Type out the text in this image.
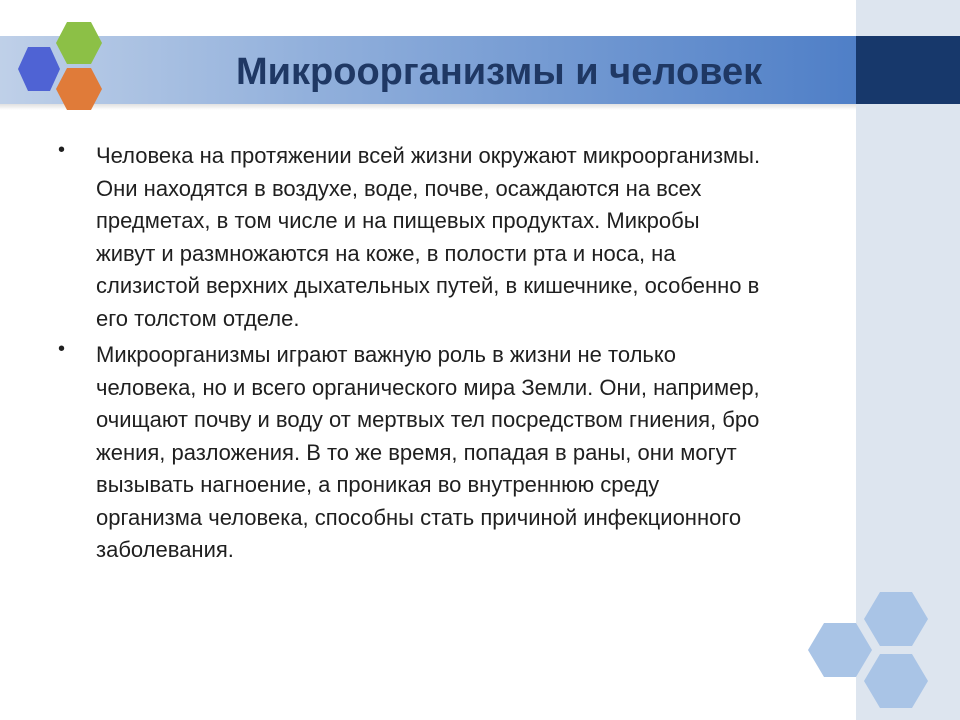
Микроорганизмы и человек
• Человека на протяжении всей жизни окружают микроорганизмы.
Они находятся в воздухе, воде, почве, осаждаются на всех
предметах, в том числе и на пищевых продуктах. Микробы
живут и размножаются на коже, в полости рта и носа, на
слизистой верхних дыхательных путей, в кишечнике, особенно в
его толстом отделе.
• Микроорганизмы играют важную роль в жизни не только
человека, но и всего органического мира Земли. Они, например,
очищают почву и воду от мертвых тел посредством гниения, бро
жения, разложения. В то же время, попадая в раны, они могут
вызывать нагноение, а проникая во внутреннюю среду
организма человека, способны стать причиной инфекционного
заболевания.
